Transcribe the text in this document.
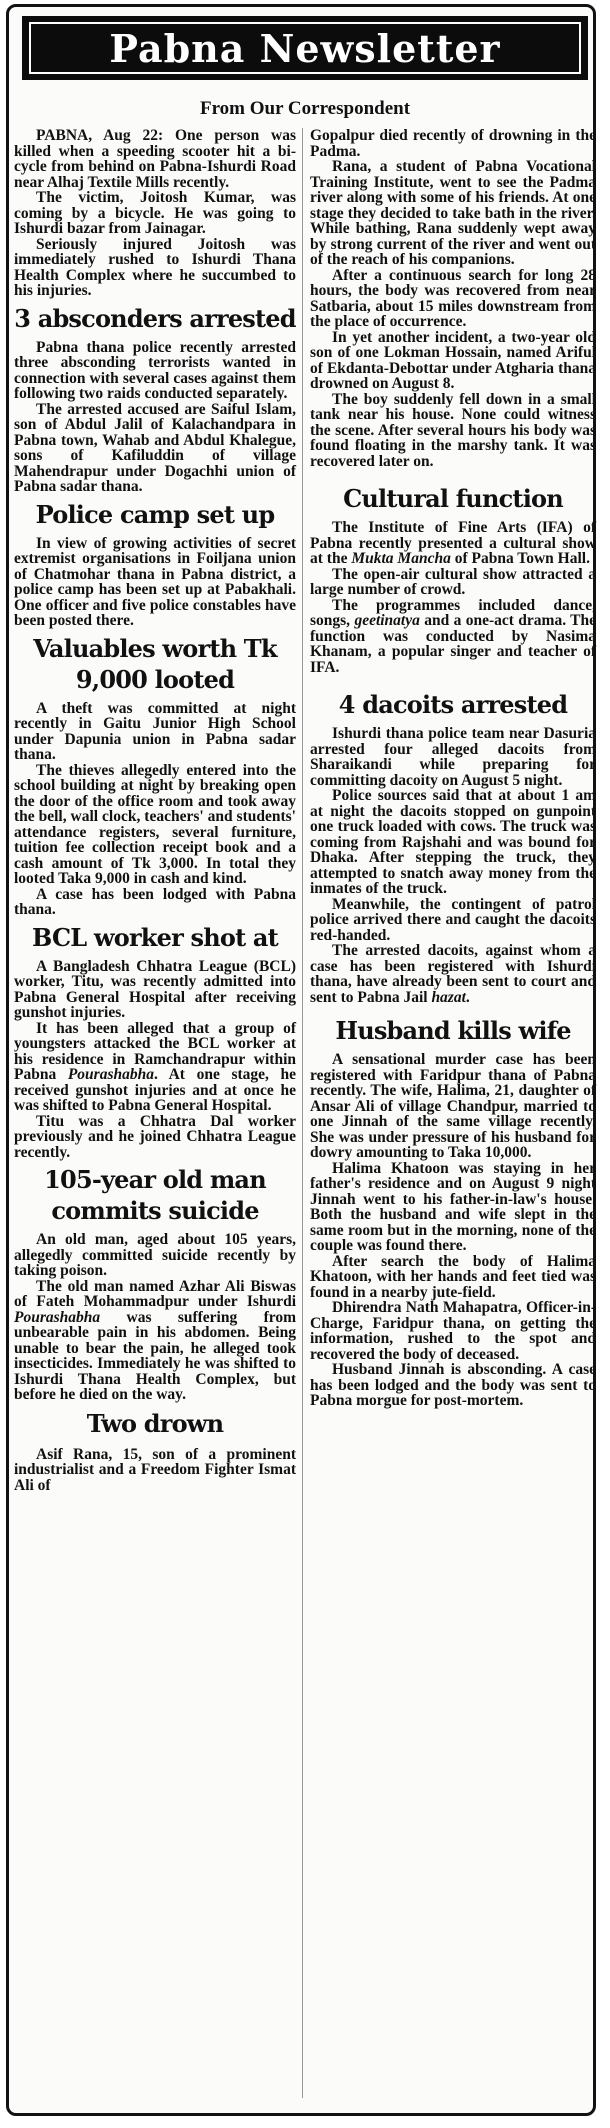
Pabna Newsletter
From Our Correspondent

PABNA, Aug 22: One person was killed when a speeding scooter hit a bi-cycle from behind on Pabna-Ishurdi Road near Alhaj Textile Mills recently.

The victim, Joitosh Kumar, was coming by a bicycle. He was going to Ishurdi bazar from Jainagar.

Seriously injured Joitosh was immediately rushed to Ishurdi Thana Health Complex where he succumbed to his injuries.

3 absconders arrested

Pabna thana police recently arrested three absconding terrorists wanted in connection with several cases against them following two raids conducted separately.

The arrested accused are Saiful Islam, son of Abdul Jalil of Kalachandpara in Pabna town, Wahab and Abdul Khalegue, sons of Kafiluddin of village Mahendrapur under Dogachhi union of Pabna sadar thana.

Police camp set up

In view of growing activities of secret extremist organisations in Foiljana union of Chatmohar thana in Pabna district, a police camp has been set up at Pabakhali. One officer and five police constables have been posted there.

Valuables worth Tk 9,000 looted

A theft was committed at night recently in Gaitu Junior High School under Dapunia union in Pabna sadar thana.

The thieves allegedly entered into the school building at night by breaking open the door of the office room and took away the bell, wall clock, teachers' and students' attendance registers, several furniture, tuition fee collection receipt book and a cash amount of Tk 3,000. In total they looted Taka 9,000 in cash and kind.

A case has been lodged with Pabna thana.

BCL worker shot at

A Bangladesh Chhatra League (BCL) worker, Titu, was recently admitted into Pabna General Hospital after receiving gunshot injuries.

It has been alleged that a group of youngsters attacked the BCL worker at his residence in Ramchandrapur within Pabna Pourashabha. At one stage, he received gunshot injuries and at once he was shifted to Pabna General Hospital.

Titu was a Chhatra Dal worker previously and he joined Chhatra League recently.

105-year old man commits suicide

An old man, aged about 105 years, allegedly committed suicide recently by taking poison.

The old man named Azhar Ali Biswas of Fateh Mohammadpur under Ishurdi Pourashabha was suffering from unbearable pain in his abdomen. Being unable to bear the pain, he alleged took insecticides. Immediately he was shifted to Ishurdi Thana Health Complex, but before he died on the way.

Two drown

Asif Rana, 15, son of a prominent industrialist and a Freedom Fighter Ismat Ali of

Gopalpur died recently of drowning in the Padma.

Rana, a student of Pabna Vocational Training Institute, went to see the Padma river along with some of his friends. At one stage they decided to take bath in the river. While bathing, Rana suddenly wept away by strong current of the river and went out of the reach of his companions.

After a continuous search for long 28 hours, the body was recovered from near Satbaria, about 15 miles downstream from the place of occurrence.

In yet another incident, a two-year old son of one Lokman Hossain, named Ariful of Ekdanta-Debottar under Atgharia thana drowned on August 8.

The boy suddenly fell down in a small tank near his house. None could witness the scene. After several hours his body was found floating in the marshy tank. It was recovered later on.

Cultural function

The Institute of Fine Arts (IFA) of Pabna recently presented a cultural show at the Mukta Mancha of Pabna Town Hall.

The open-air cultural show attracted a large number of crowd.

The programmes included dance, songs, geetinatya and a one-act drama. The function was conducted by Nasima Khanam, a popular singer and teacher of IFA.

4 dacoits arrested

Ishurdi thana police team near Dasuria arrested four alleged dacoits from Sharaikandi while preparing for committing dacoity on August 5 night.

Police sources said that at about 1 am at night the dacoits stopped on gunpoint one truck loaded with cows. The truck was coming from Rajshahi and was bound for Dhaka. After stepping the truck, they attempted to snatch away money from the inmates of the truck.

Meanwhile, the contingent of patrol police arrived there and caught the dacoits red-handed.

The arrested dacoits, against whom a case has been registered with Ishurdi thana, have already been sent to court and sent to Pabna Jail hazat.

Husband kills wife

A sensational murder case has been registered with Faridpur thana of Pabna recently. The wife, Halima, 21, daughter of Ansar Ali of village Chandpur, married to one Jinnah of the same village recently. She was under pressure of his husband for dowry amounting to Taka 10,000.

Halima Khatoon was staying in her father's residence and on August 9 night Jinnah went to his father-in-law's house. Both the husband and wife slept in the same room but in the morning, none of the couple was found there.

After search the body of Halima Khatoon, with her hands and feet tied was found in a nearby jute-field.

Dhirendra Nath Mahapatra, Officer-in-Charge, Faridpur thana, on getting the information, rushed to the spot and recovered the body of deceased.

Husband Jinnah is absconding. A case has been lodged and the body was sent to Pabna morgue for post-mortem.
